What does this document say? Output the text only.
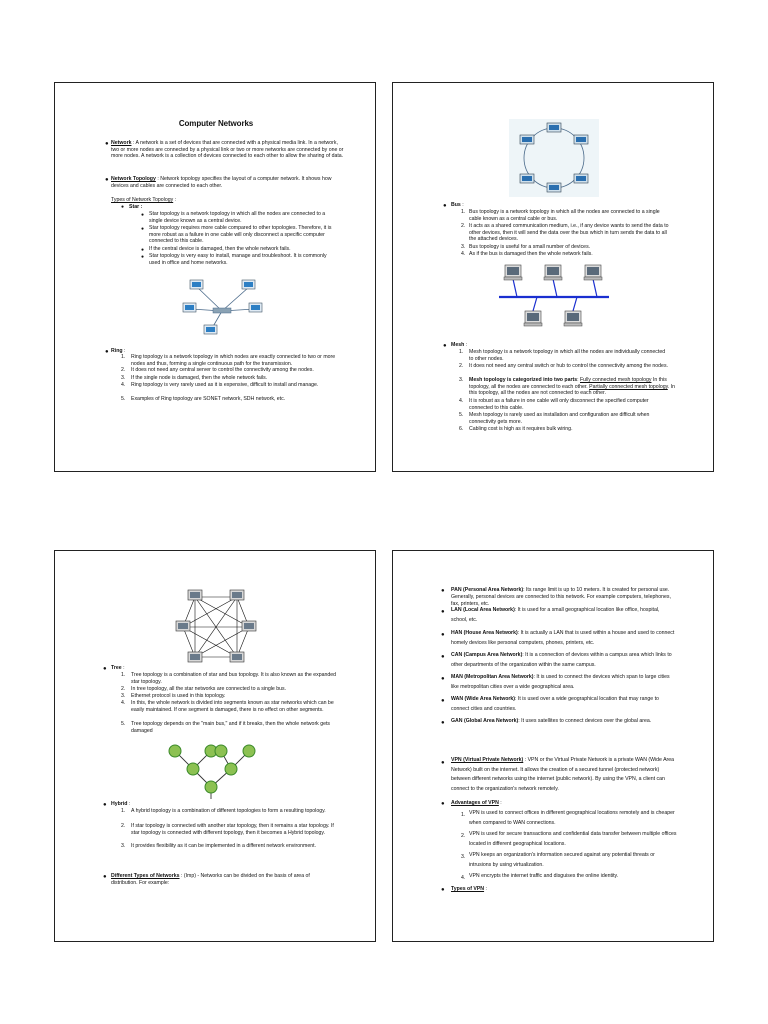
Computer Networks
● Network : A network is a set of devices that are connected with a physical media link. In a network, two or more nodes are connected by a physical link or two or more networks are connected by one or more nodes. A network is a collection of devices connected to each other to allow the sharing of data.
● Network Topology : Network topology specifies the layout of a computer network. It shows how devices and cables are connected to each other.
Types of Network Topology :
● Star :
● Star topology is a network topology in which all the nodes are connected to a single device known as a central device.
● Star topology requires more cable compared to other topologies. Therefore, it is more robust as a failure in one cable will only disconnect a specific computer connected to this cable.
● If the central device is damaged, then the whole network fails.
● Star topology is very easy to install, manage and troubleshoot. It is commonly used in office and home networks.
● Ring :
1. Ring topology is a network topology in which nodes are exactly connected to two or more nodes and thus, forming a single continuous path for the transmission.
2. It does not need any central server to control the connectivity among the nodes.
3. If the single node is damaged, then the whole network fails.
4. Ring topology is very rarely used as it is expensive, difficult to install and manage.
5. Examples of Ring topology are SONET network, SDH network, etc.
● Bus :
1. Bus topology is a network topology in which all the nodes are connected to a single cable known as a central cable or bus.
2. It acts as a shared communication medium, i.e., if any device wants to send the data to other devices, then it will send the data over the bus which in turn sends the data to all the attached devices.
3. Bus topology is useful for a small number of devices.
4. As if the bus is damaged then the whole network fails.
● Mesh :
1. Mesh topology is a network topology in which all the nodes are individually connected to other nodes.
2. It does not need any central switch or hub to control the connectivity among the nodes.
3. Mesh topology is categorized into two parts: Fully connected mesh topology In this topology, all the nodes are connected to each other. Partially connected mesh topology. In this topology, all the nodes are not connected to each other.
4. It is robust as a failure in one cable will only disconnect the specified computer connected to this cable.
5. Mesh topology is rarely used as installation and configuration are difficult when connectivity gets more.
6. Cabling cost is high as it requires bulk wiring.
● Tree :
1. Tree topology is a combination of star and bus topology. It is also known as the expanded star topology.
2. In tree topology, all the star networks are connected to a single bus.
3. Ethernet protocol is used in this topology.
4. In this, the whole network is divided into segments known as star networks which can be easily maintained. If one segment is damaged, there is no effect on other segments.
5. Tree topology depends on the "main bus," and if it breaks, then the whole network gets damaged
● Hybrid :
1. A hybrid topology is a combination of different topologies to form a resulting topology.
2. If star topology is connected with another star topology, then it remains a star topology. If star topology is connected with different topology, then it becomes a Hybrid topology.
3. It provides flexibility as it can be implemented in a different network environment.
● Different Types of Networks : (Imp) - Networks can be divided on the basis of area of distribution. For example:
● PAN (Personal Area Network): Its range limit is up to 10 meters. It is created for personal use. Generally, personal devices are connected to this network. For example computers, telephones, fax, printers, etc.
● LAN (Local Area Network): It is used for a small geographical location like office, hospital, school, etc.
● HAN (House Area Network): It is actually a LAN that is used within a house and used to connect homely devices like personal computers, phones, printers, etc.
● CAN (Campus Area Network): It is a connection of devices within a campus area which links to other departments of the organization within the same campus.
● MAN (Metropolitan Area Network): It is used to connect the devices which span to large cities like metropolitan cities over a wide geographical area.
● WAN (Wide Area Network): It is used over a wide geographical location that may range to connect cities and countries.
● GAN (Global Area Network): It uses satellites to connect devices over the global area.
● VPN (Virtual Private Network) : VPN or the Virtual Private Network is a private WAN (Wide Area Network) built on the internet. It allows the creation of a secured tunnel (protected network) between different networks using the internet (public network). By using the VPN, a client can connect to the organization's network remotely.
● Advantages of VPN :
1. VPN is used to connect offices in different geographical locations remotely and is cheaper when compared to WAN connections.
2. VPN is used for secure transactions and confidential data transfer between multiple offices located in different geographical locations.
3. VPN keeps an organization's information secured against any potential threats or intrusions by using virtualization.
4. VPN encrypts the internet traffic and disguises the online identity.
● Types of VPN :
